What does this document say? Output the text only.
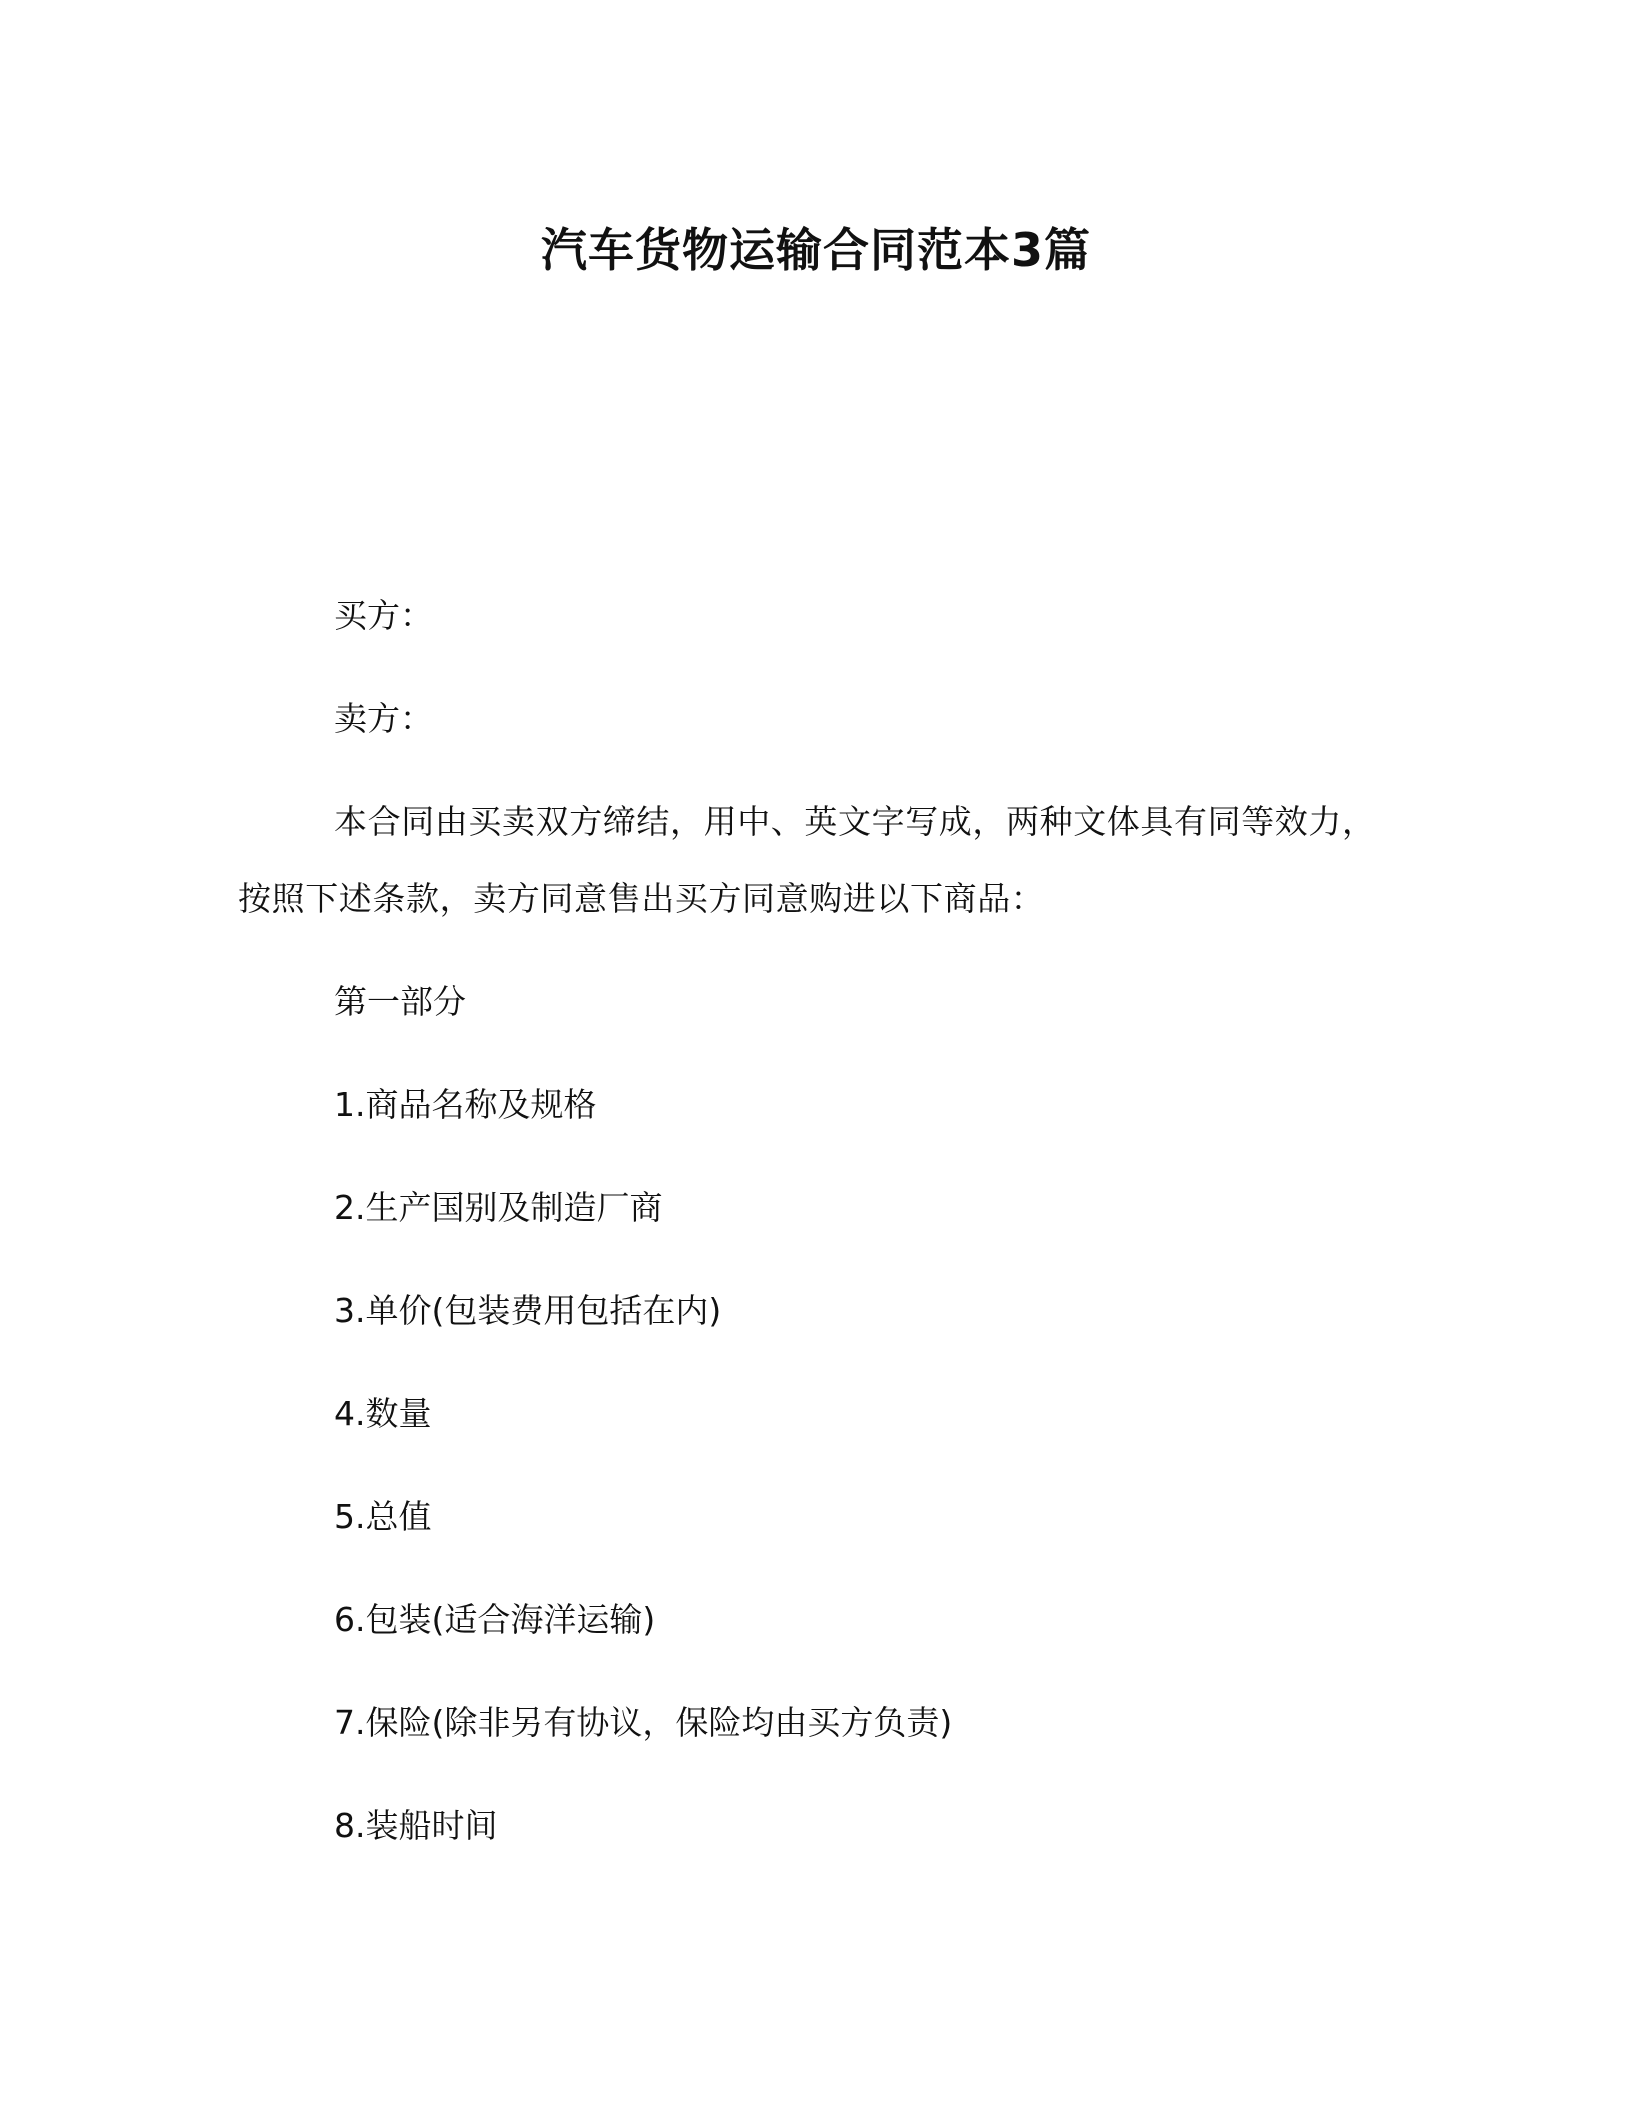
汽车货物运输合同范本3篇

买方：

卖方：

本合同由买卖双方缔结，用中、英文字写成，两种文体具有同等效力，按照下述条款，卖方同意售出买方同意购进以下商品：

第一部分

1.商品名称及规格

2.生产国别及制造厂商

3.单价(包装费用包括在内)

4.数量

5.总值

6.包装(适合海洋运输)

7.保险(除非另有协议，保险均由买方负责)

8.装船时间
